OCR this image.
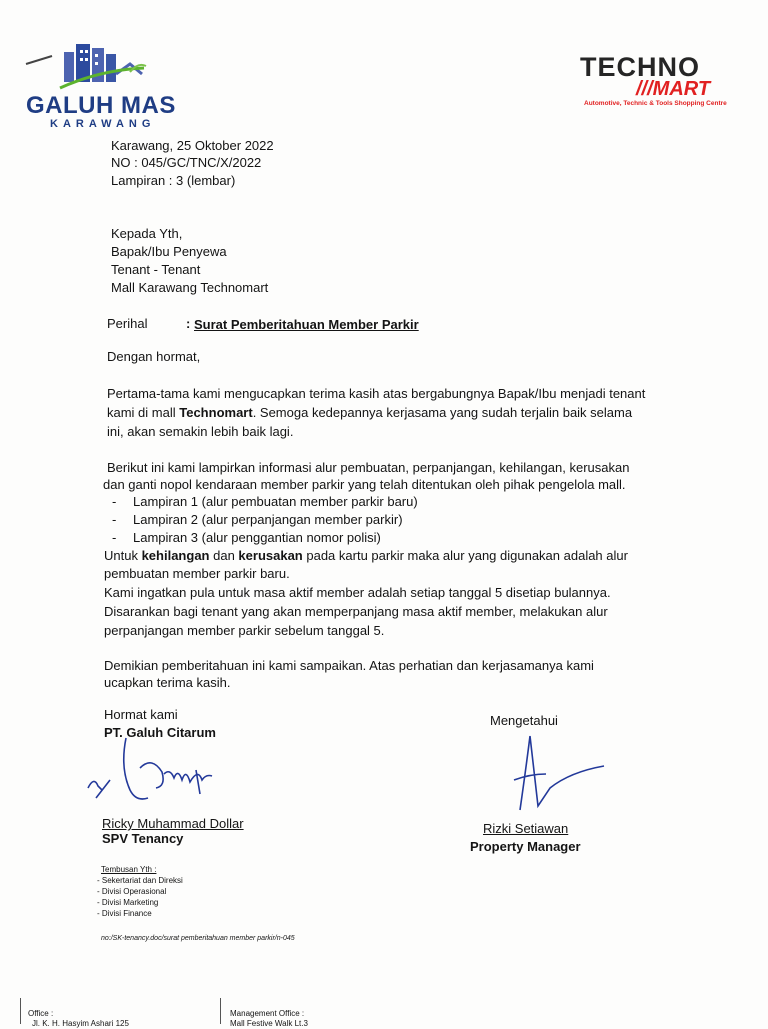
GALUH MAS
KARAWANG
TECHNO
///MART
Automotive, Technic & Tools Shopping Centre
Karawang, 25 Oktober 2022
NO : 045/GC/TNC/X/2022
Lampiran : 3 (lembar)
Kepada Yth,
Bapak/Ibu Penyewa
Tenant - Tenant
Mall Karawang Technomart
Perihal	: Surat Pemberitahuan Member Parkir
Dengan hormat,
Pertama-tama kami mengucapkan terima kasih atas bergabungnya Bapak/Ibu menjadi tenant
kami di mall Technomart. Semoga kedepannya kerjasama yang sudah terjalin baik selama
ini, akan semakin lebih baik lagi.
Berikut ini kami lampirkan informasi alur pembuatan, perpanjangan, kehilangan, kerusakan
dan ganti nopol kendaraan member parkir yang telah ditentukan oleh pihak pengelola mall.
- Lampiran 1 (alur pembuatan member parkir baru)
- Lampiran 2 (alur perpanjangan member parkir)
- Lampiran 3 (alur penggantian nomor polisi)
Untuk kehilangan dan kerusakan pada kartu parkir maka alur yang digunakan adalah alur
pembuatan member parkir baru.
Kami ingatkan pula untuk masa aktif member adalah setiap tanggal 5 disetiap bulannya.
Disarankan bagi tenant yang akan memperpanjang masa aktif member, melakukan alur
perpanjangan member parkir sebelum tanggal 5.
Demikian pemberitahuan ini kami sampaikan. Atas perhatian dan kerjasamanya kami
ucapkan terima kasih.
Hormat kami
PT. Galuh Citarum
Mengetahui
Ricky Muhammad Dollar
SPV Tenancy
Rizki Setiawan
Property Manager
Tembusan Yth :
- Sekertariat dan Direksi
- Divisi Operasional
- Divisi Marketing
- Divisi Finance
no:/SK-tenancy.doc/surat pemberitahuan member parkir/n-045
Office :
Jl. K. H. Hasyim Ashari 125
Management Office :
Mall Festive Walk Lt.3
